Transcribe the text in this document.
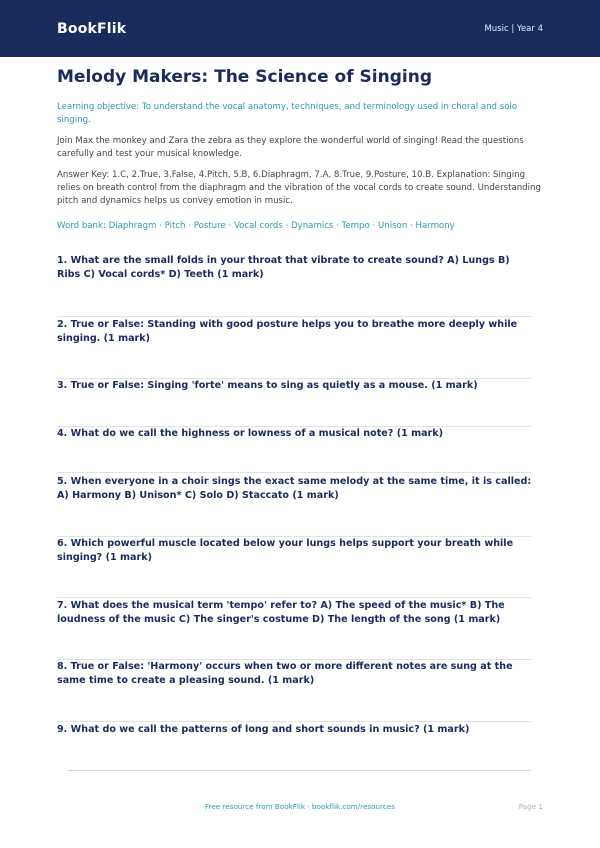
BookFlik	Music | Year 4
Melody Makers: The Science of Singing
Learning objective: To understand the vocal anatomy, techniques, and terminology used in choral and solo singing.
Join Max the monkey and Zara the zebra as they explore the wonderful world of singing! Read the questions carefully and test your musical knowledge.
Answer Key: 1.C, 2.True, 3.False, 4.Pitch, 5.B, 6.Diaphragm, 7.A, 8.True, 9.Posture, 10.B. Explanation: Singing relies on breath control from the diaphragm and the vibration of the vocal cords to create sound. Understanding pitch and dynamics helps us convey emotion in music.
Word bank: Diaphragm · Pitch · Posture · Vocal cords · Dynamics · Tempo · Unison · Harmony
1. What are the small folds in your throat that vibrate to create sound? A) Lungs B) Ribs C) Vocal cords* D) Teeth (1 mark)
2. True or False: Standing with good posture helps you to breathe more deeply while singing. (1 mark)
3. True or False: Singing 'forte' means to sing as quietly as a mouse. (1 mark)
4. What do we call the highness or lowness of a musical note? (1 mark)
5. When everyone in a choir sings the exact same melody at the same time, it is called: A) Harmony B) Unison* C) Solo D) Staccato (1 mark)
6. Which powerful muscle located below your lungs helps support your breath while singing? (1 mark)
7. What does the musical term 'tempo' refer to? A) The speed of the music* B) The loudness of the music C) The singer's costume D) The length of the song (1 mark)
8. True or False: 'Harmony' occurs when two or more different notes are sung at the same time to create a pleasing sound. (1 mark)
9. What do we call the patterns of long and short sounds in music? (1 mark)
Free resource from BookFlik · bookflik.com/resources	Page 1
